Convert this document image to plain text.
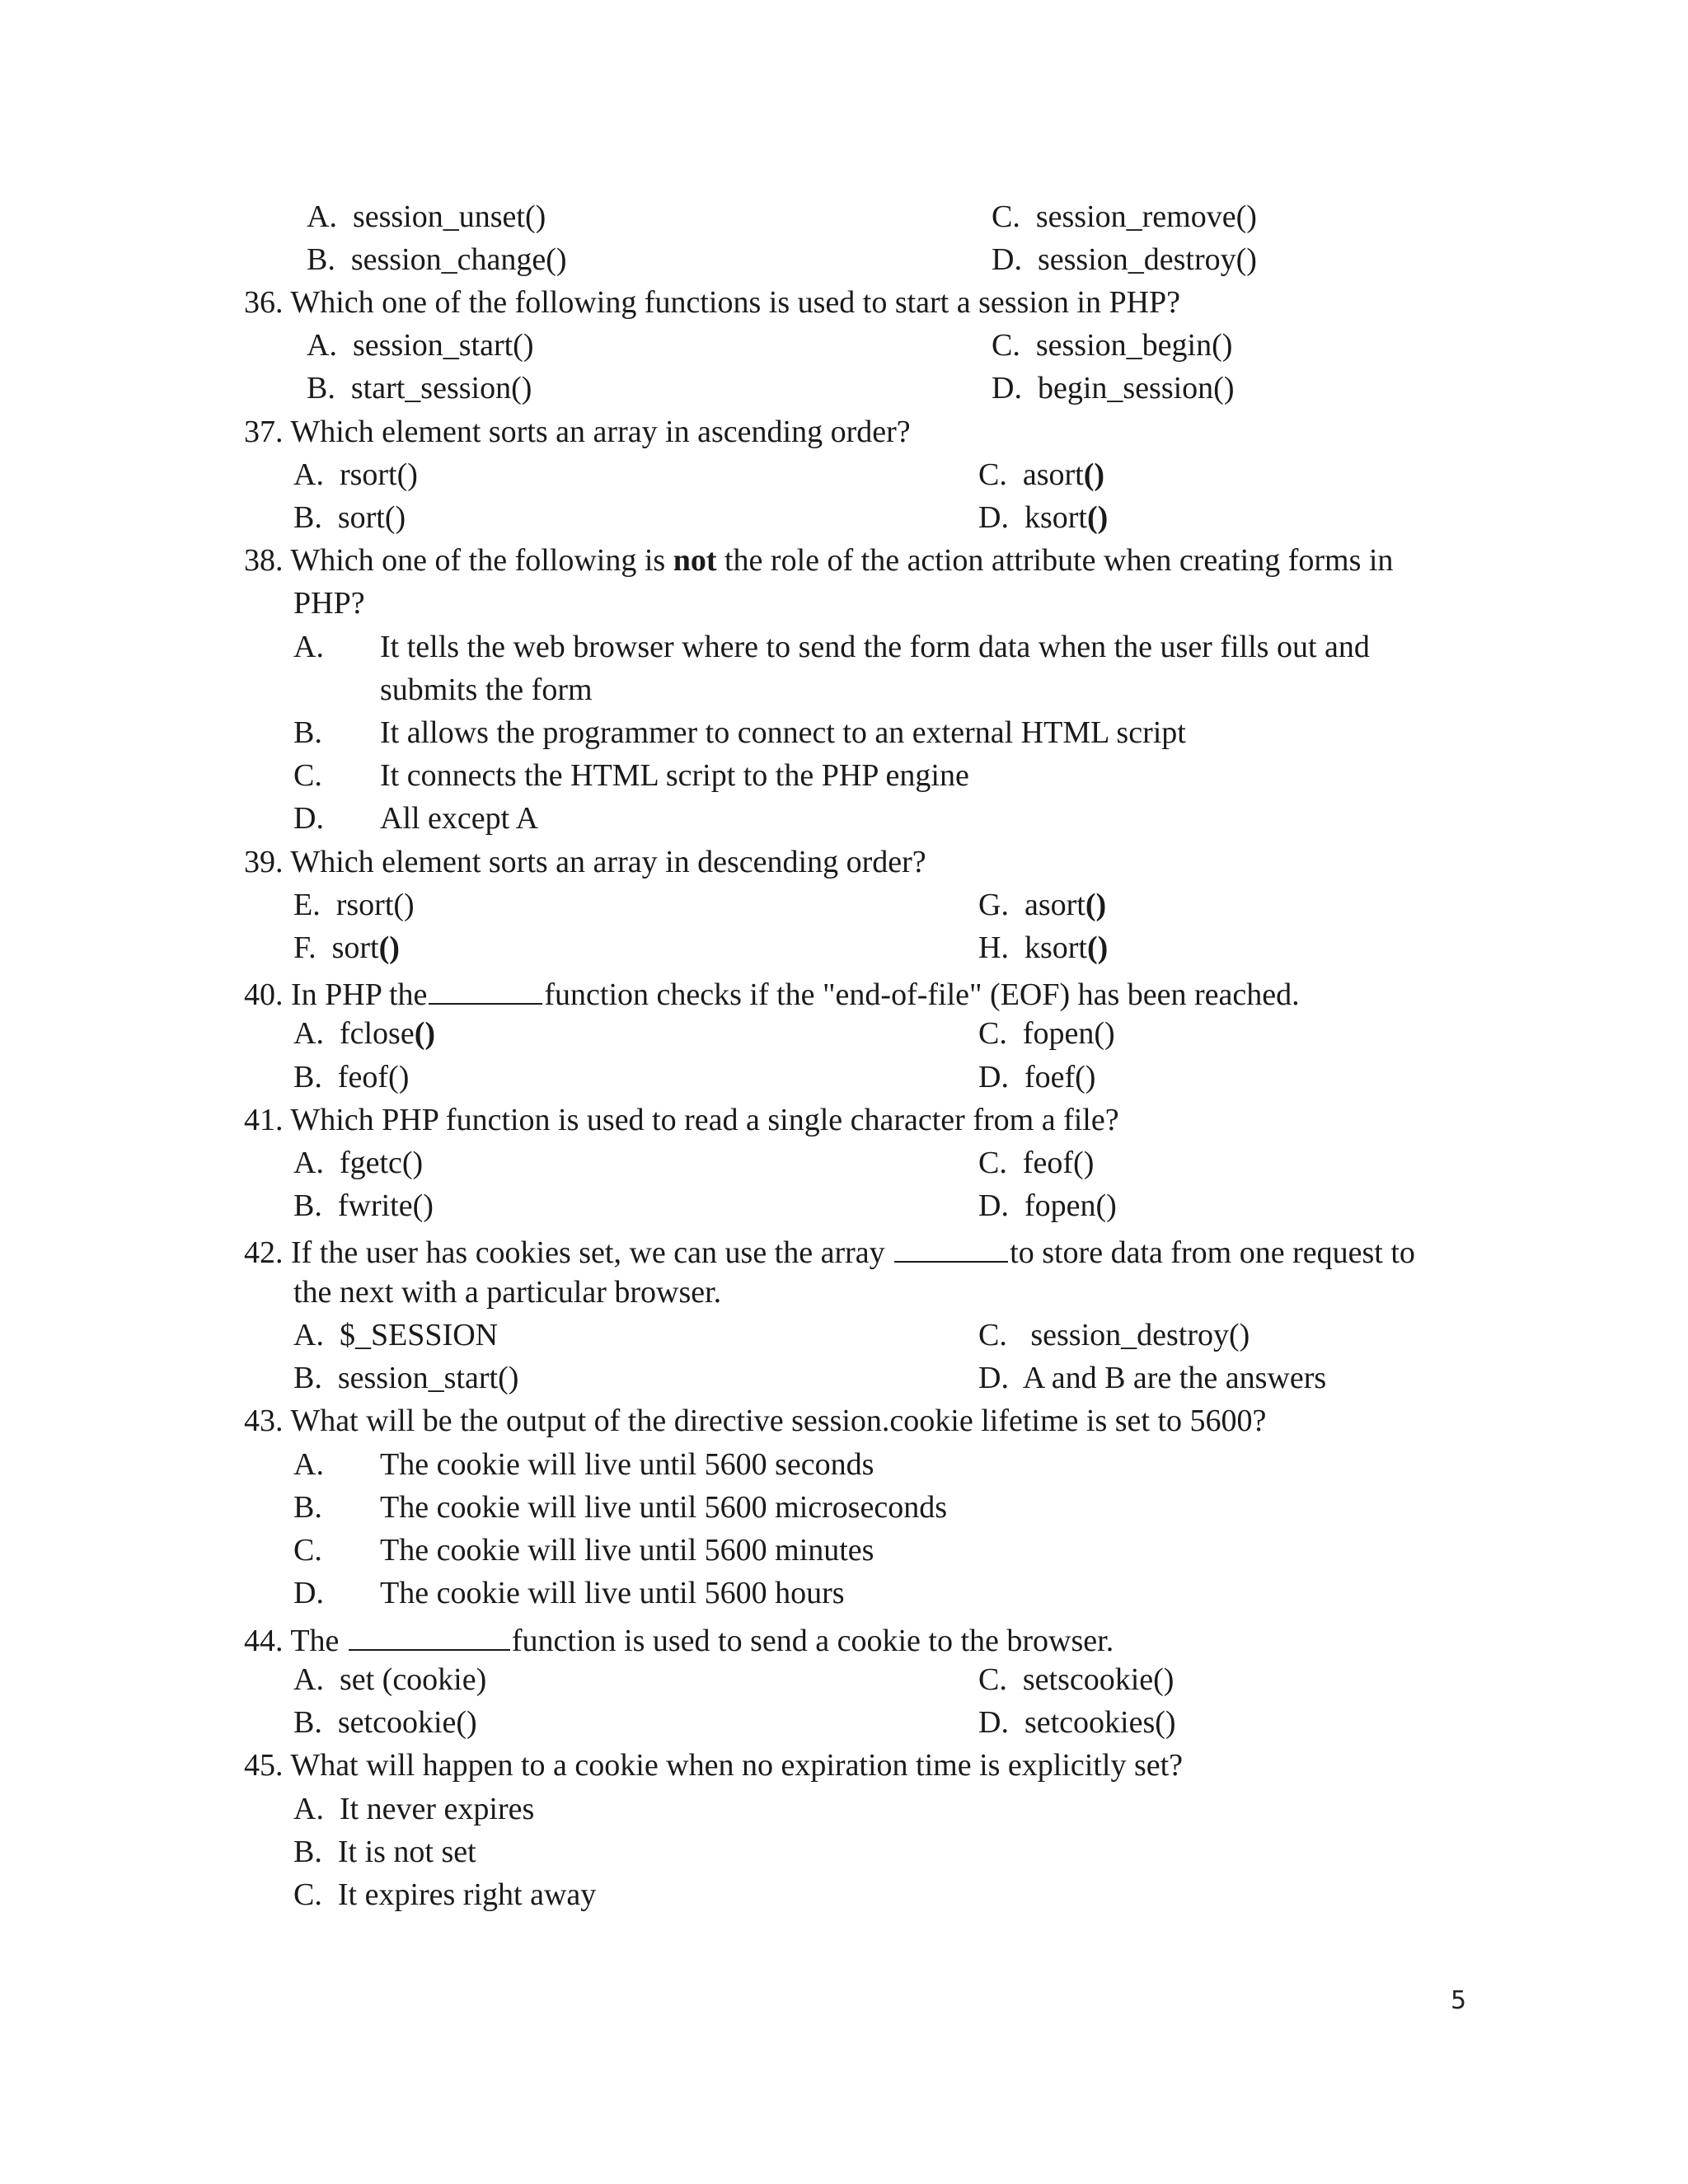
A. session_unset()	C. session_remove()
B. session_change()	D. session_destroy()
36. Which one of the following functions is used to start a session in PHP?
A. session_start()	C. session_begin()
B. start_session()	D. begin_session()
37. Which element sorts an array in ascending order?
A. rsort()	C. asort()
B. sort()	D. ksort()
38. Which one of the following is not the role of the action attribute when creating forms in
PHP?
A. It tells the web browser where to send the form data when the user fills out and
submits the form
B. It allows the programmer to connect to an external HTML script
C. It connects the HTML script to the PHP engine
D. All except A
39. Which element sorts an array in descending order?
E. rsort()	G. asort()
F. sort()	H. ksort()
40. In PHP the	function checks if the "end-of-file" (EOF) has been reached.
A. fclose()	C. fopen()
B. feof()	D. foef()
41. Which PHP function is used to read a single character from a file?
A. fgetc()	C. feof()
B. fwrite()	D. fopen()
42. If the user has cookies set, we can use the array	to store data from one request to
the next with a particular browser.
A. $_SESSION	C. session_destroy()
B. session_start()	D. A and B are the answers
43. What will be the output of the directive session.cookie lifetime is set to 5600?
A. The cookie will live until 5600 seconds
B. The cookie will live until 5600 microseconds
C. The cookie will live until 5600 minutes
D. The cookie will live until 5600 hours
44. The	function is used to send a cookie to the browser.
A. set (cookie)	C. setscookie()
B. setcookie()	D. setcookies()
45. What will happen to a cookie when no expiration time is explicitly set?
A. It never expires
B. It is not set
C. It expires right away
5
